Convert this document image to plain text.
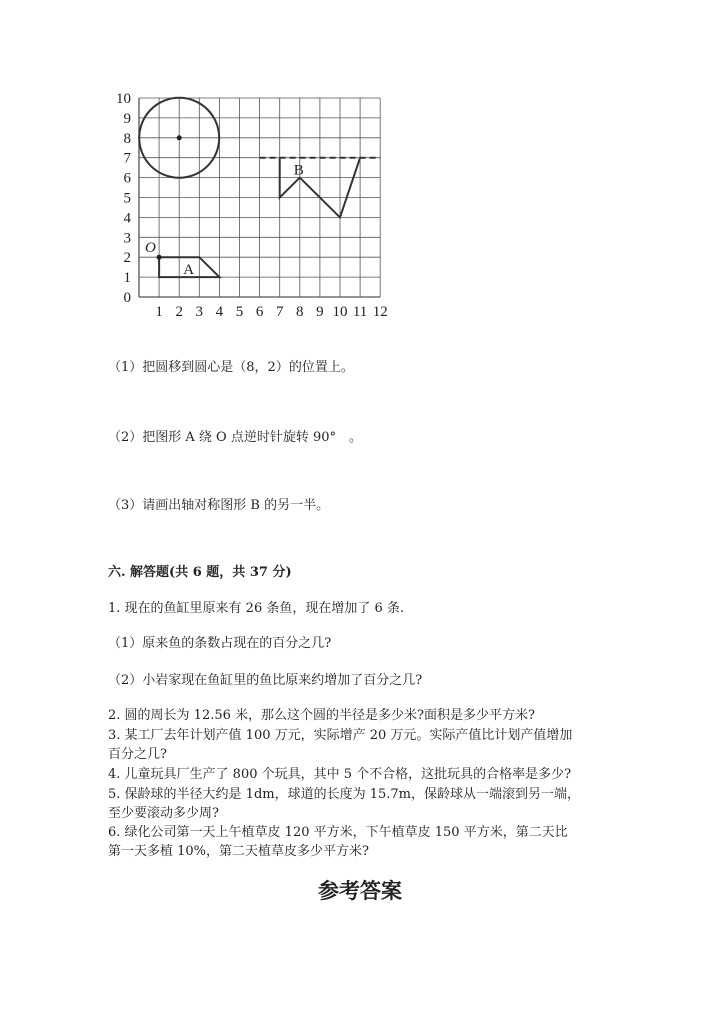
0
1
2
3
4
5
6
7
8
9
10
1 2 3 4 5 6 7 8 9 10 11 12
O
A
B
（1）把圆移到圆心是（8，2）的位置上。
（2）把图形 A 绕 O 点逆时针旋转 90°　。
（3）请画出轴对称图形 B 的另一半。
六. 解答题(共 6 题，共 37 分)
1. 现在的鱼缸里原来有 26 条鱼，现在增加了 6 条.
（1）原来鱼的条数占现在的百分之几?
（2）小岩家现在鱼缸里的鱼比原来约增加了百分之几?
2. 圆的周长为 12.56 米，那么这个圆的半径是多少米?面积是多少平方米?
3. 某工厂去年计划产值 100 万元，实际增产 20 万元。实际产值比计划产值增加
百分之几?
4. 儿童玩具厂生产了 800 个玩具，其中 5 个不合格，这批玩具的合格率是多少?
5. 保龄球的半径大约是 1dm，球道的长度为 15.7m，保龄球从一端滚到另一端，
至少要滚动多少周?
6. 绿化公司第一天上午植草皮 120 平方米，下午植草皮 150 平方米，第二天比
第一天多植 10%，第二天植草皮多少平方米?
参考答案
